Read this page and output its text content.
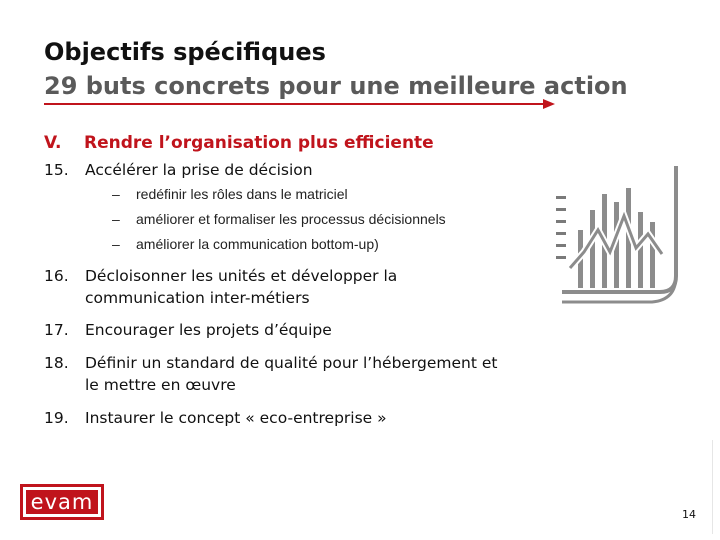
Objectifs spécifiques
29 buts concrets pour une meilleure action
V. Rendre l’organisation plus efficiente
15. Accélérer la prise de décision
– redéfinir les rôles dans le matriciel
– améliorer et formaliser les processus décisionnels
– améliorer la communication bottom-up)
16. Décloisonner les unités et développer la
communication inter-métiers
17. Encourager les projets d’équipe
18. Définir un standard de qualité pour l’hébergement et
le mettre en œuvre
19. Instaurer le concept « eco-entreprise »
evam
14
